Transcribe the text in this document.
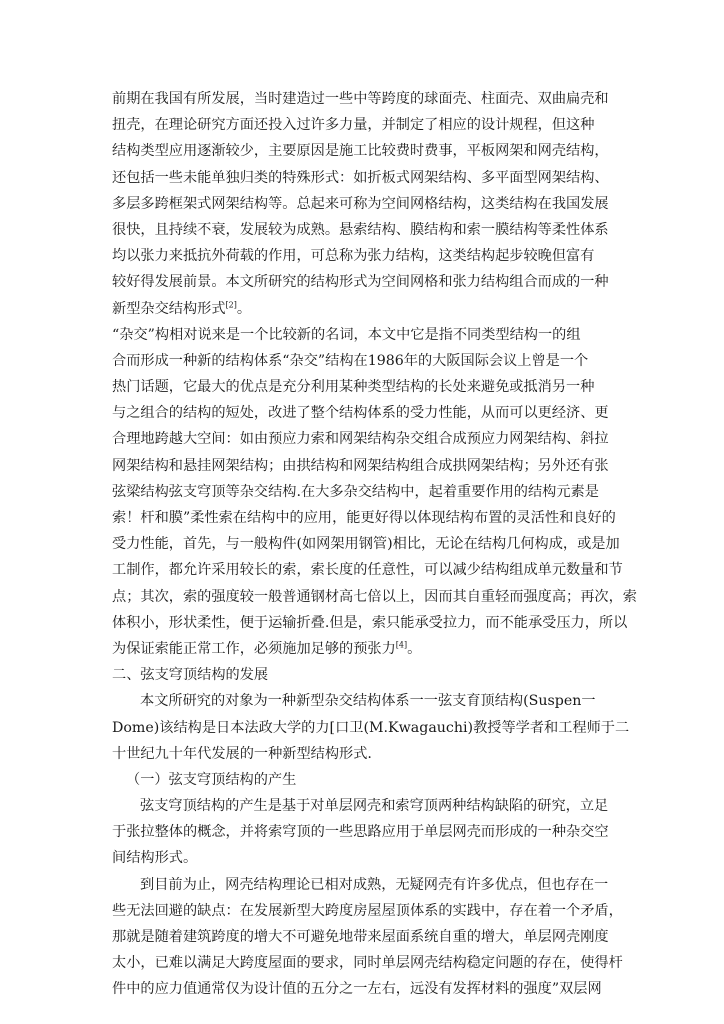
前期在我国有所发展，当时建造过一些中等跨度的球面壳、柱面壳、双曲扁壳和
扭壳，在理论研究方面还投入过许多力量，并制定了相应的设计规程，但这种
结构类型应用逐渐较少，主要原因是施工比较费时费事，平板网架和网壳结构，
还包括一些未能单独归类的特殊形式：如折板式网架结构、多平面型网架结构、
多层多跨框架式网架结构等。总起来可称为空间网格结构，这类结构在我国发展
很快，且持续不衰，发展较为成熟。悬索结构、膜结构和索一膜结构等柔性体系
均以张力来抵抗外荷载的作用，可总称为张力结构，这类结构起步较晚但富有
较好得发展前景。本文所研究的结构形式为空间网格和张力结构组合而成的一种
新型杂交结构形式[2]。
“杂交”构相对说来是一个比较新的名词，本文中它是指不同类型结构一的组
合而形成一种新的结构体系“杂交”结构在1986年的大阪国际会议上曾是一个
热门话题，它最大的优点是充分利用某种类型结构的长处来避免或抵消另一种
与之组合的结构的短处，改进了整个结构体系的受力性能，从而可以更经济、更
合理地跨越大空间：如由预应力索和网架结构杂交组合成预应力网架结构、斜拉
网架结构和悬挂网架结构；由拱结构和网架结构组合成拱网架结构；另外还有张
弦梁结构弦支穹顶等杂交结构.在大多杂交结构中，起着重要作用的结构元素是
索！杆和膜”柔性索在结构中的应用，能更好得以体现结构布置的灵活性和良好的
受力性能，首先，与一般构件(如网架用钢管)相比，无论在结构几何构成，或是加
工制作，都允许采用较长的索，索长度的任意性，可以减少结构组成单元数量和节
点；其次，索的强度较一般普通钢材高七倍以上，因而其自重轻而强度高；再次，索
体积小，形状柔性，便于运输折叠.但是，索只能承受拉力，而不能承受压力，所以
为保证索能正常工作，必须施加足够的预张力[4]。
二、弦支穹顶结构的发展
本文所研究的对象为一种新型杂交结构体系一一弦支育顶结构(Suspen一
Dome)该结构是日本法政大学的力[口卫(M.Kwagauchi)教授等学者和工程师于二
十世纪九十年代发展的一种新型结构形式.
（一）弦支穹顶结构的产生
弦支穹顶结构的产生是基于对单层网壳和索穹顶两种结构缺陷的研究，立足
于张拉整体的概念，并将索穹顶的一些思路应用于单层网壳而形成的一种杂交空
间结构形式。
到目前为止，网壳结构理论已相对成熟，无疑网壳有许多优点，但也存在一
些无法回避的缺点：在发展新型大跨度房屋屋顶体系的实践中，存在着一个矛盾，
那就是随着建筑跨度的增大不可避免地带来屋面系统自重的增大，单层网壳刚度
太小，已难以满足大跨度屋面的要求，同时单层网壳结构稳定问题的存在，使得杆
件中的应力值通常仅为设计值的五分之一左右，远没有发挥材料的强度”双层网
